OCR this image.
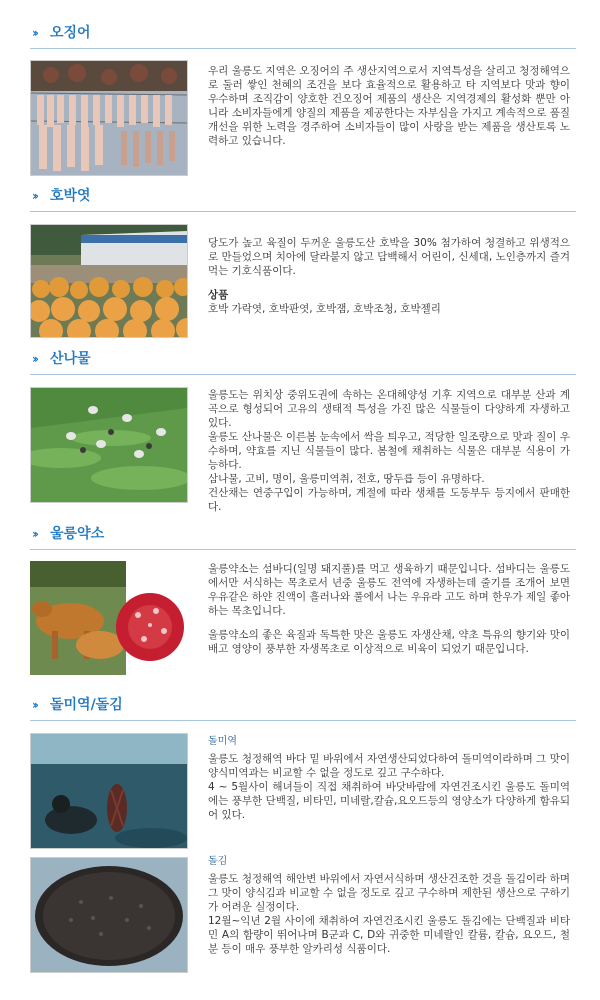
›› 오징어

우리 울릉도 지역은 오징어의 주 생산지역으로서 지역특성을 살리고 청정해역으로 둘러 쌓인 천혜의 조건을 보다 효율적으로 활용하고 타 지역보다 맛과 향이 우수하며 조직감이 양호한 건오징어 제품의 생산은 지역경제의 활성화 뿐만 아니라 소비자들에게 양질의 제품을 제공한다는 자부심을 가지고 계속적으로 품질개선을 위한 노력을 경주하여 소비자들이 많이 사랑을 받는 제품을 생산토록 노력하고 있습니다.

›› 호박엿

당도가 높고 육질이 두꺼운 울릉도산 호박을 30% 첨가하여 청결하고 위생적으로 만들었으며 치아에 달라붙지 않고 담백해서 어린이, 신세대, 노인층까지 즐겨먹는 기호식품이다.

상품

호박 가락엿, 호박판엿, 호박잼, 호박조청, 호박젤리

›› 산나물

울릉도는 위치상 중위도권에 속하는 온대해양성 기후 지역으로 대부분 산과 계곡으로 형성되어 고유의 생태적 특성을 가진 많은 식물들이 다양하게 자생하고 있다.

울릉도 산나물은 이른봄 눈속에서 싹을 틔우고, 적당한 일조량으로 맛과 질이 우수하며, 약효를 지닌 식물들이 많다. 봄철에 채취하는 식물은 대부분 식용이 가능하다.

삼나물, 고비, 명이, 울릉미역취, 전호, 땅두릅 등이 유명하다.

건산채는 연중구입이 가능하며, 계절에 따라 생채를 도동부두 등지에서 판매한다.

›› 울릉약소

울릉약소는 섬바디(일명 돼지풀)를 먹고 생육하기 때문입니다. 섬바디는 울릉도에서만 서식하는 목초로서 년중 울릉도 전역에 자생하는데 줄기를 조개어 보면 우유같은 하얀 진액이 흘러나와 풀에서 나는 우유라 고도 하며 한우가 제일 좋아하는 목초입니다.

울릉약소의 좋은 육질과 독특한 맛은 울릉도 자생산채, 약초 특유의 향기와 맛이 배고 영양이 풍부한 자생목초로 이상적으로 비육이 되었기 때문입니다.

›› 돌미역/돌김

돌미역

울릉도 청정해역 바다 밑 바위에서 자연생산되었다하여 돌미역이라하며 그 맛이 양식미역과는 비교할 수 없을 정도로 깊고 구수하다.

4 ~ 5월사이 해녀들이 직접 채취하여 바닷바람에 자연건조시킨 울릉도 돌미역에는 풍부한 단백질, 비타민, 미네랄,칼슘,요오드등의 영양소가 다양하게 함유되어 있다.

돌김

울릉도 청정해역 해안변 바위에서 자연서식하며 생산건조한 것을 돌김이라 하며 그 맛이 양식김과 비교할 수 없을 정도로 깊고 구수하며 제한된 생산으로 구하기가 어려운 실정이다.

12월~익년 2월 사이에 채취하여 자연건조시킨 울릉도 돌김에는 단백질과 비타민 A의 함량이 뛰어나며 B군과 C, D와 귀중한 미네랄인 칼륨, 칼슘, 요오드, 철분 등이 매우 풍부한 알카리성 식품이다.
